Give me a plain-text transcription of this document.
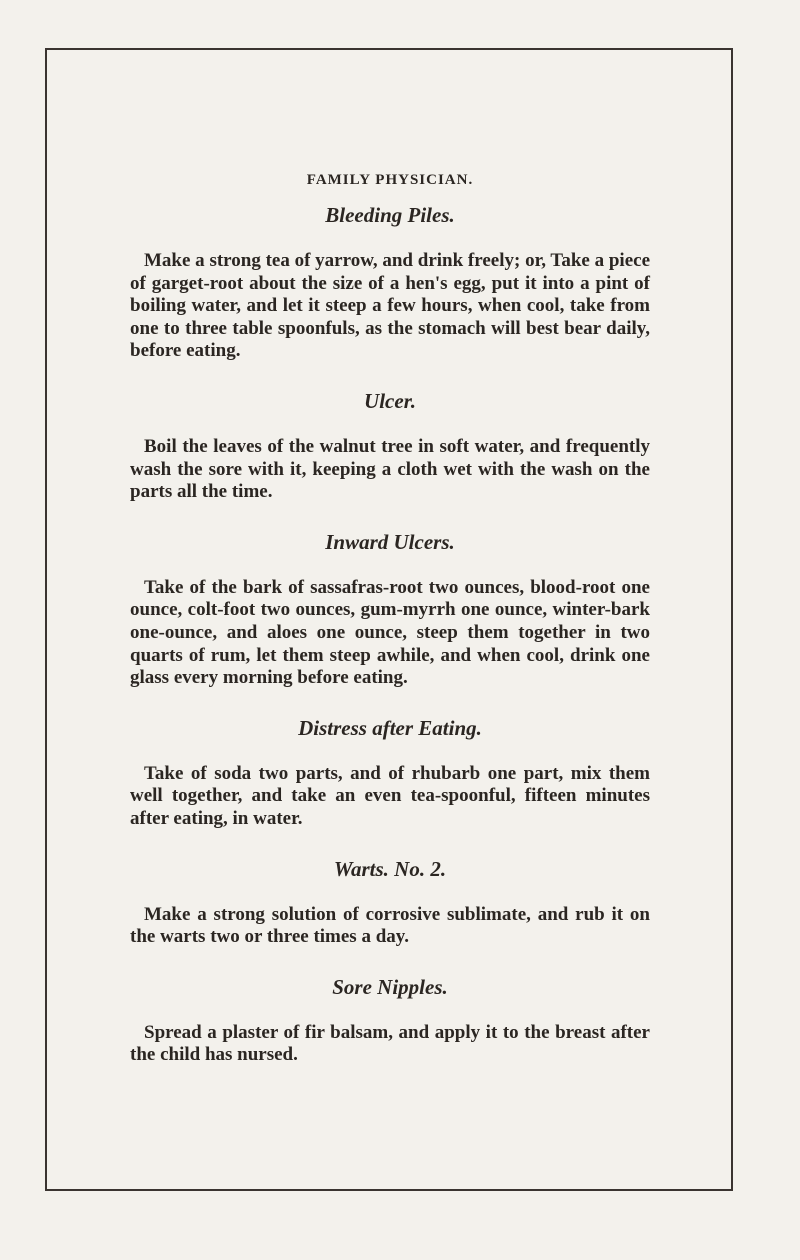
FAMILY PHYSICIAN.
Bleeding Piles.

Make a strong tea of yarrow, and drink freely; or, Take a piece of garget-root about the size of a hen's egg, put it into a pint of boiling water, and let it steep a few hours, when cool, take from one to three table spoonfuls, as the stomach will best bear daily, before eating.

Ulcer.

Boil the leaves of the walnut tree in soft water, and frequently wash the sore with it, keeping a cloth wet with the wash on the parts all the time.

Inward Ulcers.

Take of the bark of sassafras-root two ounces, blood-root one ounce, colt-foot two ounces, gum-myrrh one ounce, winter-bark one-ounce, and aloes one ounce, steep them together in two quarts of rum, let them steep awhile, and when cool, drink one glass every morning before eating.

Distress after Eating.

Take of soda two parts, and of rhubarb one part, mix them well together, and take an even tea-spoonful, fifteen minutes after eating, in water.

Warts. No. 2.

Make a strong solution of corrosive sublimate, and rub it on the warts two or three times a day.

Sore Nipples.

Spread a plaster of fir balsam, and apply it to the breast after the child has nursed.
